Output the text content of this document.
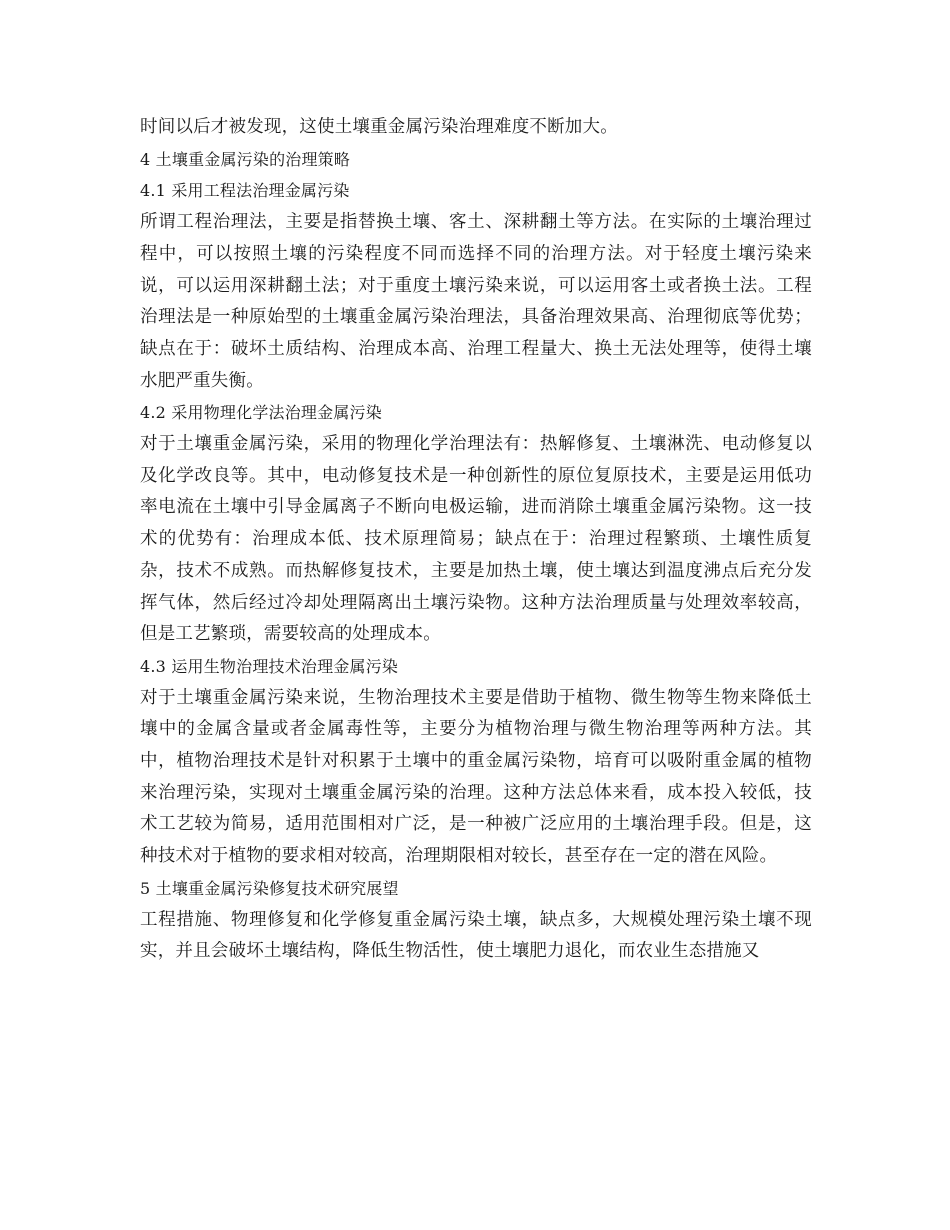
时间以后才被发现，这使土壤重金属污染治理难度不断加大。

4 土壤重金属污染的治理策略

4.1 采用工程法治理金属污染

所谓工程治理法，主要是指替换土壤、客土、深耕翻土等方法。在实际的土壤治理过程中，可以按照土壤的污染程度不同而选择不同的治理方法。对于轻度土壤污染来说，可以运用深耕翻土法；对于重度土壤污染来说，可以运用客土或者换土法。工程治理法是一种原始型的土壤重金属污染治理法，具备治理效果高、治理彻底等优势；缺点在于：破坏土质结构、治理成本高、治理工程量大、换土无法处理等，使得土壤水肥严重失衡。

4.2 采用物理化学法治理金属污染

对于土壤重金属污染，采用的物理化学治理法有：热解修复、土壤淋洗、电动修复以及化学改良等。其中，电动修复技术是一种创新性的原位复原技术，主要是运用低功率电流在土壤中引导金属离子不断向电极运输，进而消除土壤重金属污染物。这一技术的优势有：治理成本低、技术原理简易；缺点在于：治理过程繁琐、土壤性质复杂，技术不成熟。而热解修复技术，主要是加热土壤，使土壤达到温度沸点后充分发挥气体，然后经过冷却处理隔离出土壤污染物。这种方法治理质量与处理效率较高，但是工艺繁琐，需要较高的处理成本。

4.3 运用生物治理技术治理金属污染

对于土壤重金属污染来说，生物治理技术主要是借助于植物、微生物等生物来降低土壤中的金属含量或者金属毒性等，主要分为植物治理与微生物治理等两种方法。其中，植物治理技术是针对积累于土壤中的重金属污染物，培育可以吸附重金属的植物来治理污染，实现对土壤重金属污染的治理。这种方法总体来看，成本投入较低，技术工艺较为简易，适用范围相对广泛，是一种被广泛应用的土壤治理手段。但是，这种技术对于植物的要求相对较高，治理期限相对较长，甚至存在一定的潜在风险。

5 土壤重金属污染修复技术研究展望

工程措施、物理修复和化学修复重金属污染土壤，缺点多，大规模处理污染土壤不现实，并且会破坏土壤结构，降低生物活性，使土壤肥力退化，而农业生态措施又
